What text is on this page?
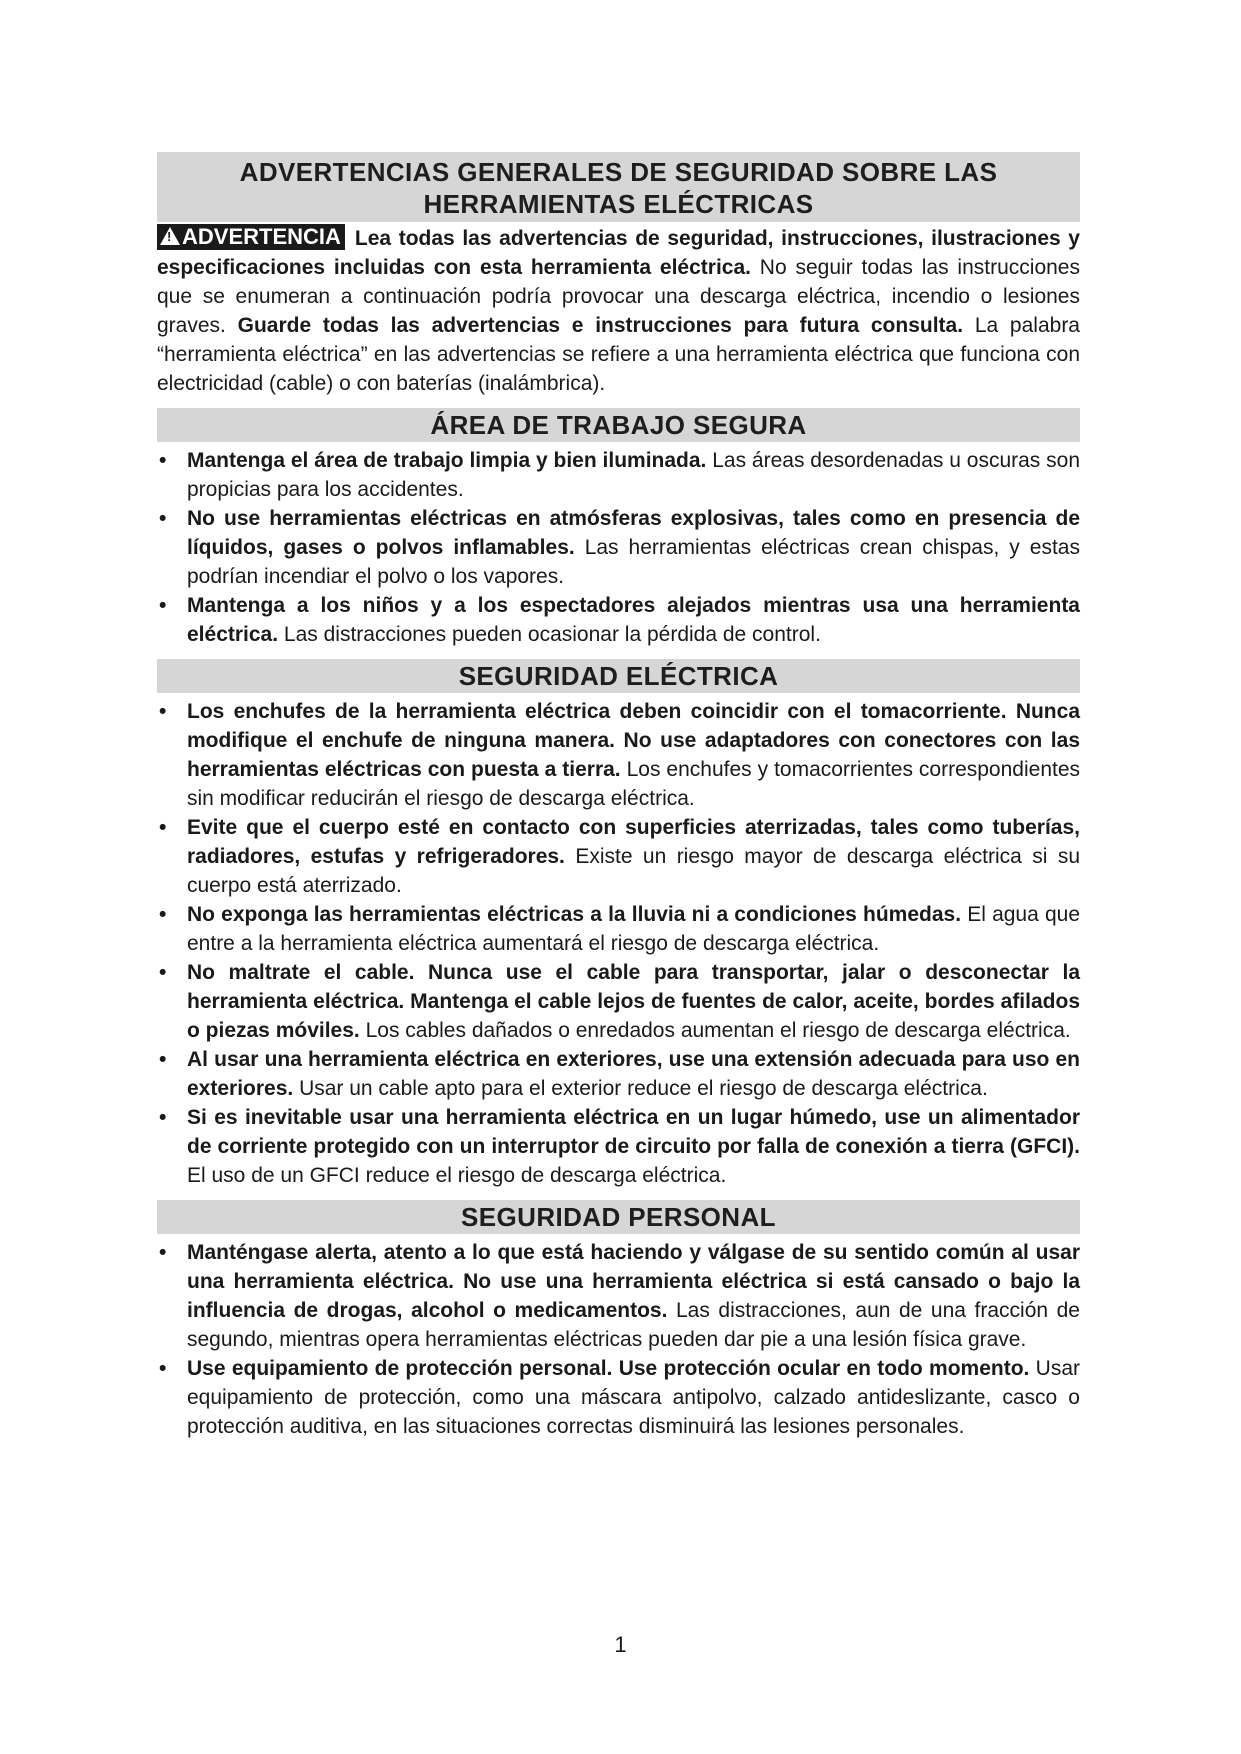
ADVERTENCIAS GENERALES DE SEGURIDAD SOBRE LAS
HERRAMIENTAS ELÉCTRICAS
!ADVERTENCIA Lea todas las advertencias de seguridad, instrucciones, ilustraciones y especificaciones incluidas con esta herramienta eléctrica. No seguir todas las instrucciones que se enumeran a continuación podría provocar una descarga eléctrica, incendio o lesiones graves. Guarde todas las advertencias e instrucciones para futura consulta. La palabra “herramienta eléctrica” en las advertencias se refiere a una herramienta eléctrica que funciona con electricidad (cable) o con baterías (inalámbrica).
ÁREA DE TRABAJO SEGURA
• Mantenga el área de trabajo limpia y bien iluminada. Las áreas desordenadas u oscuras son propicias para los accidentes.
• No use herramientas eléctricas en atmósferas explosivas, tales como en presencia de líquidos, gases o polvos inflamables. Las herramientas eléctricas crean chispas, y estas podrían incendiar el polvo o los vapores.
• Mantenga a los niños y a los espectadores alejados mientras usa una herramienta eléctrica. Las distracciones pueden ocasionar la pérdida de control.
SEGURIDAD ELÉCTRICA
• Los enchufes de la herramienta eléctrica deben coincidir con el tomacorriente. Nunca modifique el enchufe de ninguna manera. No use adaptadores con conectores con las herramientas eléctricas con puesta a tierra. Los enchufes y tomacorrientes correspondientes sin modificar reducirán el riesgo de descarga eléctrica.
• Evite que el cuerpo esté en contacto con superficies aterrizadas, tales como tuberías, radiadores, estufas y refrigeradores. Existe un riesgo mayor de descarga eléctrica si su cuerpo está aterrizado.
• No exponga las herramientas eléctricas a la lluvia ni a condiciones húmedas. El agua que entre a la herramienta eléctrica aumentará el riesgo de descarga eléctrica.
• No maltrate el cable. Nunca use el cable para transportar, jalar o desconectar la herramienta eléctrica. Mantenga el cable lejos de fuentes de calor, aceite, bordes afilados o piezas móviles. Los cables dañados o enredados aumentan el riesgo de descarga eléctrica.
• Al usar una herramienta eléctrica en exteriores, use una extensión adecuada para uso en exteriores. Usar un cable apto para el exterior reduce el riesgo de descarga eléctrica.
• Si es inevitable usar una herramienta eléctrica en un lugar húmedo, use un alimentador de corriente protegido con un interruptor de circuito por falla de conexión a tierra (GFCI). El uso de un GFCI reduce el riesgo de descarga eléctrica.
SEGURIDAD PERSONAL
• Manténgase alerta, atento a lo que está haciendo y válgase de su sentido común al usar una herramienta eléctrica. No use una herramienta eléctrica si está cansado o bajo la influencia de drogas, alcohol o medicamentos. Las distracciones, aun de una fracción de segundo, mientras opera herramientas eléctricas pueden dar pie a una lesión física grave.
• Use equipamiento de protección personal. Use protección ocular en todo momento. Usar equipamiento de protección, como una máscara antipolvo, calzado antideslizante, casco o protección auditiva, en las situaciones correctas disminuirá las lesiones personales.
1
